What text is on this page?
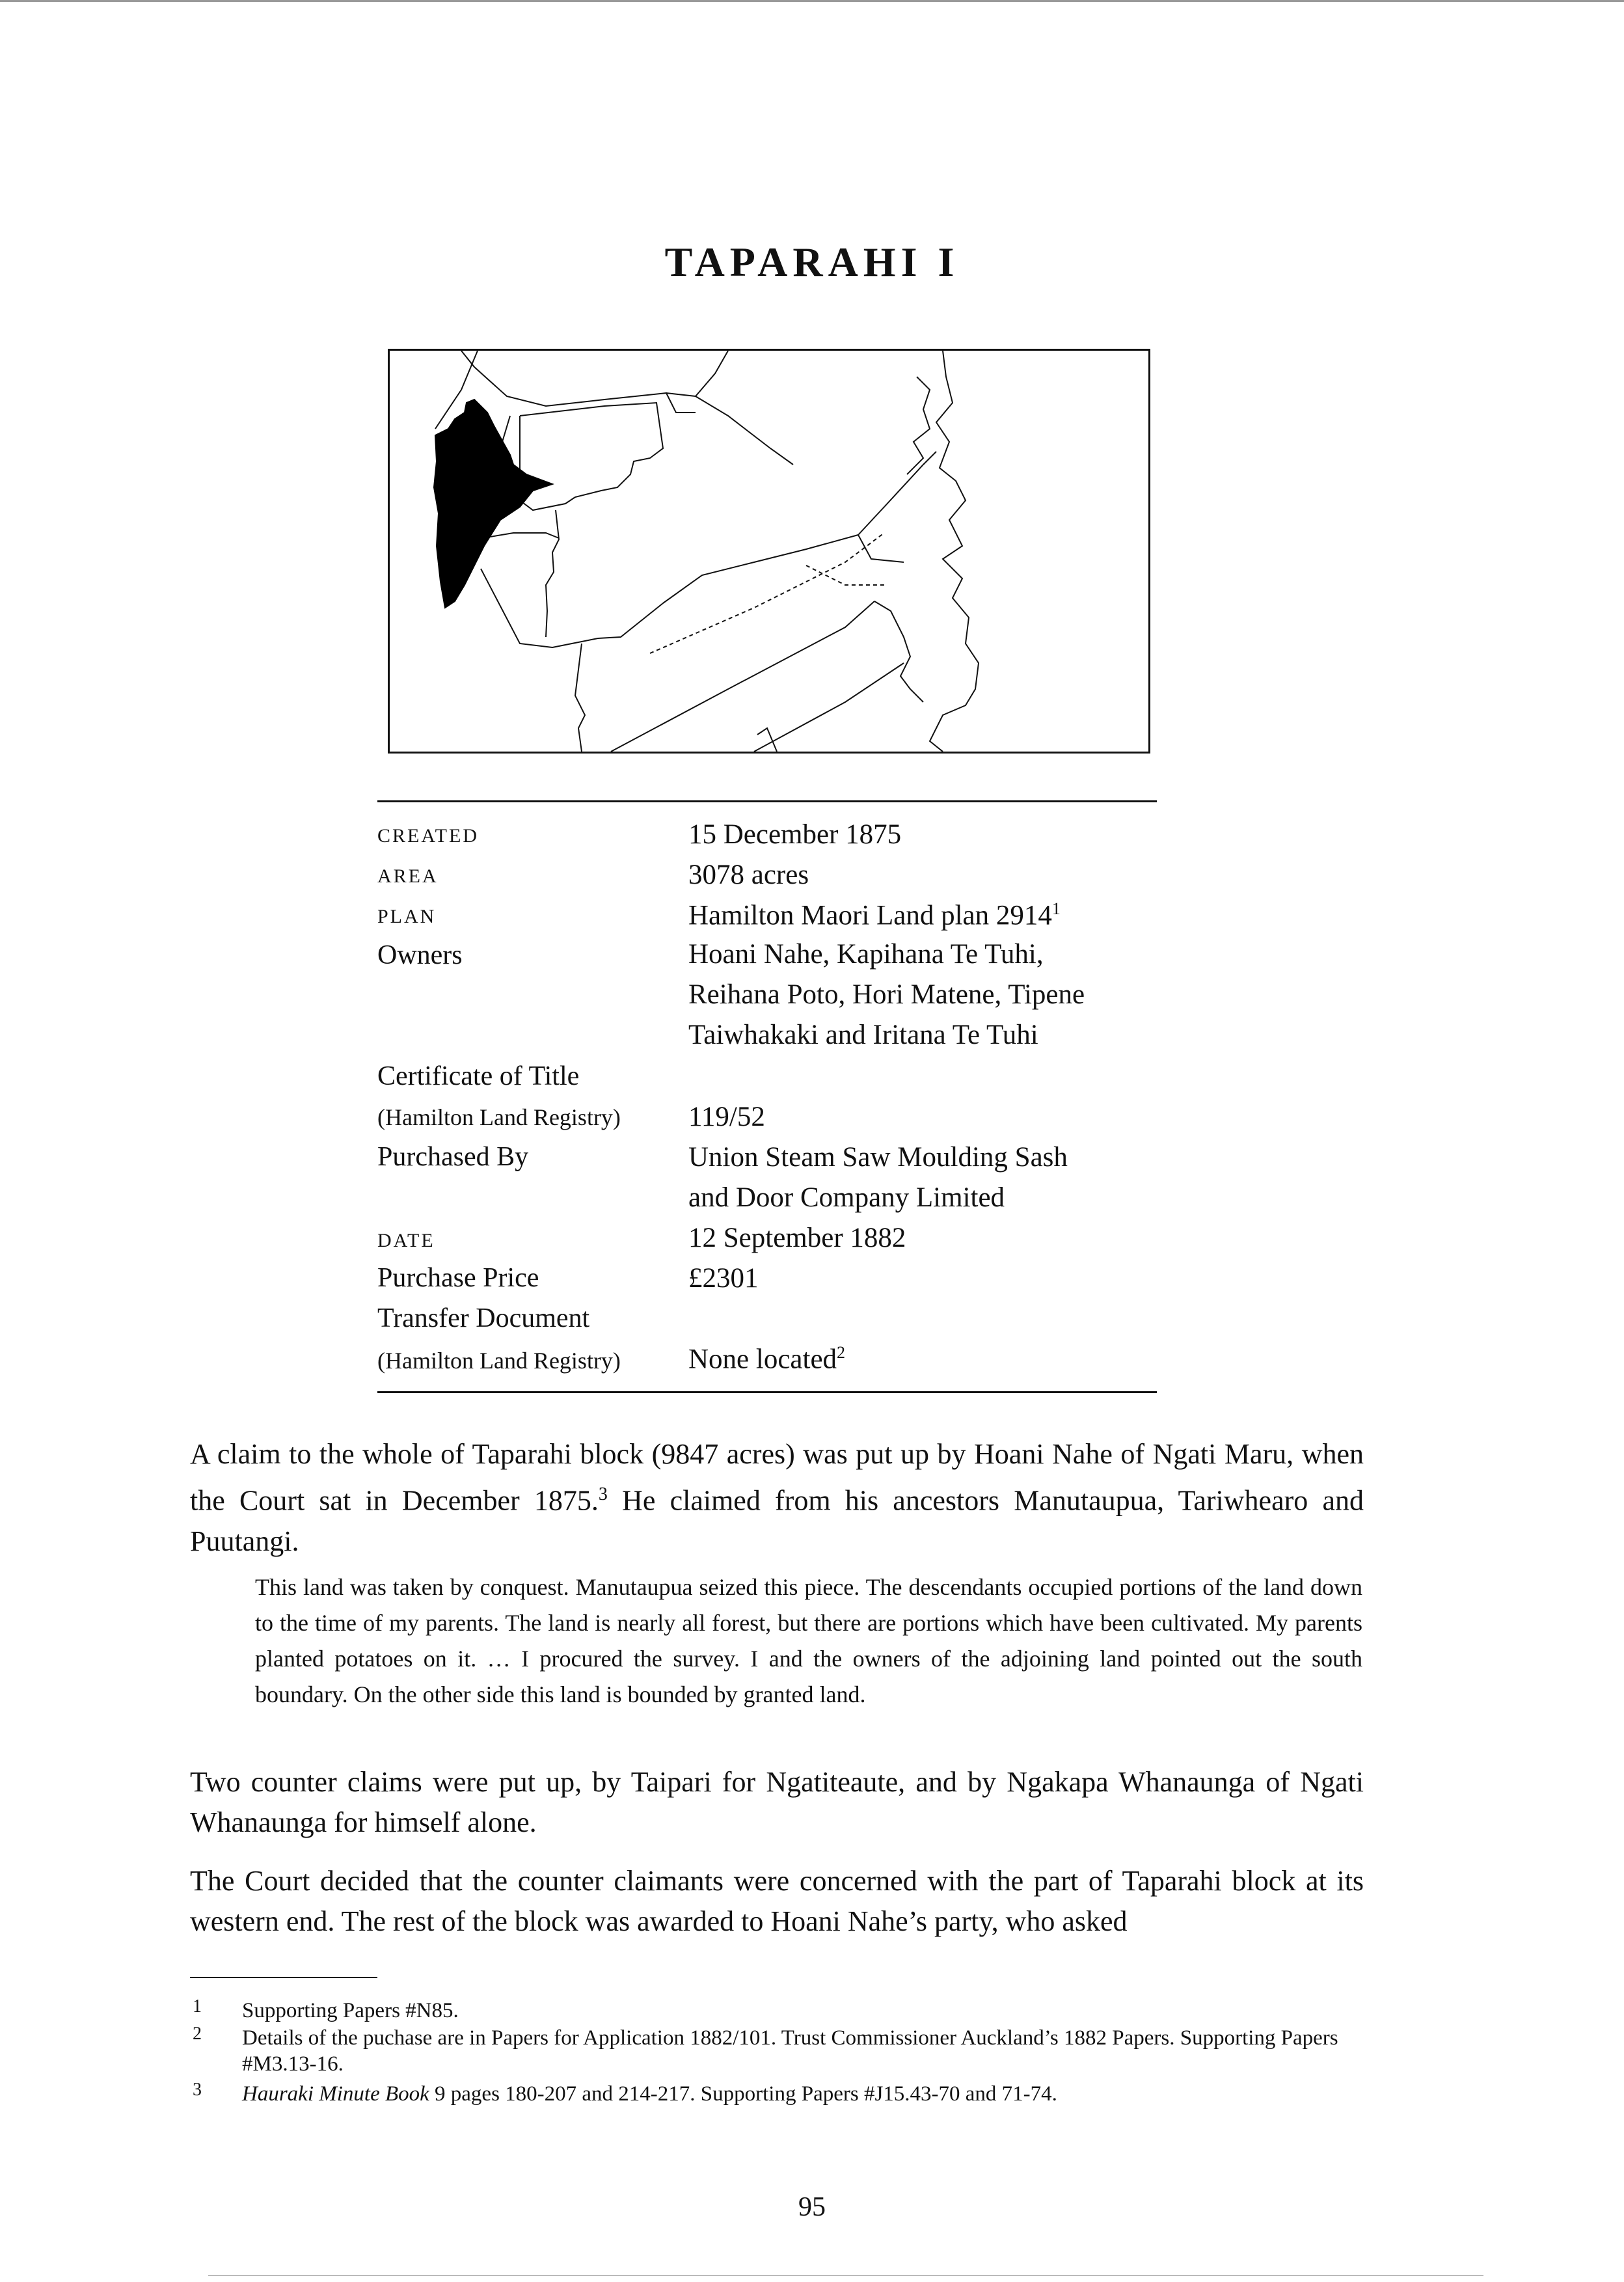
TAPARAHI I
CREATED	15 December 1875
AREA	3078 acres
PLAN	Hamilton Maori Land plan 2914$^1$
Owners	Hoani Nahe, Kapihana Te Tuhi,
Reihana Poto, Hori Matene, Tipene
Taiwhakaki and Iritana Te Tuhi
Certificate of Title
(Hamilton Land Registry) 119/52
Purchased By	Union Steam Saw Moulding Sash
and Door Company Limited
DATE	12 September 1882
Purchase Price	£2301
Transfer Document
(Hamilton Land Registry) None located$^2$
A claim to the whole of Taparahi block (9847 acres) was put up by Hoani Nahe of Ngati Maru, when the Court sat in December 1875.$^3$ He claimed from his ancestors Manutaupua, Tariwhearo and Puutangi.
This land was taken by conquest. Manutaupua seized this piece. The descendants occupied portions of the land down to the time of my parents. The land is nearly all forest, but there are portions which have been cultivated. My parents planted potatoes on it. … I procured the survey. I and the owners of the adjoining land pointed out the south boundary. On the other side this land is bounded by granted land.
Two counter claims were put up, by Taipari for Ngatiteaute, and by Ngakapa Whanaunga of Ngati Whanaunga for himself alone.
The Court decided that the counter claimants were concerned with the part of Taparahi block at its western end. The rest of the block was awarded to Hoani Nahe’s party, who asked
1 Supporting Papers #N85.
2 Details of the puchase are in Papers for Application 1882/101. Trust Commissioner Auckland’s 1882 Papers. Supporting Papers #M3.13-16.
3 Hauraki Minute Book 9 pages 180-207 and 214-217. Supporting Papers #J15.43-70 and 71-74.
95
